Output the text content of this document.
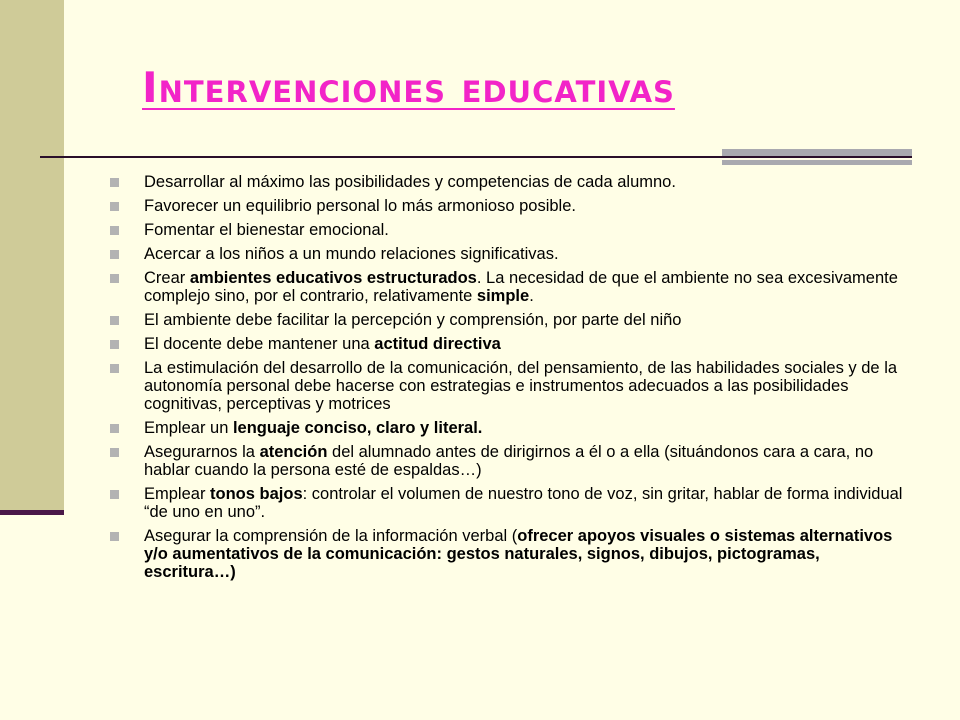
Intervenciones educativas
Desarrollar al máximo las posibilidades y competencias de cada alumno.
Favorecer un equilibrio personal lo más armonioso posible.
Fomentar el bienestar emocional.
Acercar a los niños a un mundo relaciones significativas.
Crear ambientes educativos estructurados. La necesidad de que el ambiente no sea excesivamente complejo sino, por el contrario, relativamente simple.
El ambiente debe facilitar la percepción y comprensión, por parte del niño
El docente debe mantener una actitud directiva
La estimulación del desarrollo de la comunicación, del pensamiento, de las habilidades sociales y de la autonomía personal debe hacerse con estrategias e instrumentos adecuados a las posibilidades cognitivas, perceptivas y motrices
Emplear un lenguaje conciso, claro y literal.
Asegurarnos la atención del alumnado antes de dirigirnos a él o a ella (situándonos cara a cara, no hablar cuando la persona esté de espaldas…)
Emplear tonos bajos: controlar el volumen de nuestro tono de voz, sin gritar, hablar de forma individual “de uno en uno”.
Asegurar la comprensión de la información verbal (ofrecer apoyos visuales o sistemas alternativos y/o aumentativos de la comunicación: gestos naturales, signos, dibujos, pictogramas, escritura…)
